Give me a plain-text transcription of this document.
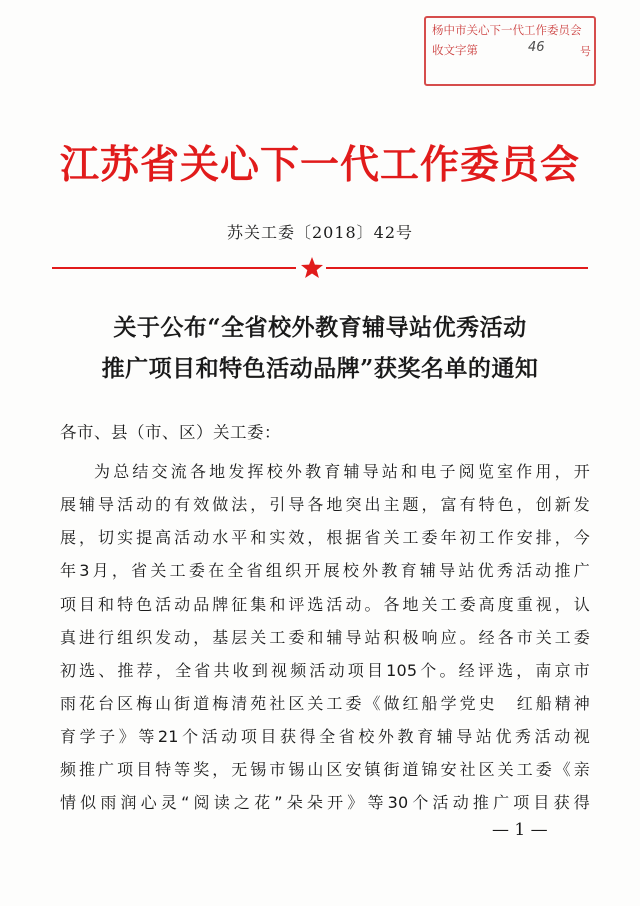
杨中市关心下一代工作委员会
收文字第	46	号
江苏省关心下一代工作委员会
苏关工委〔2018〕42号
关于公布“全省校外教育辅导站优秀活动
推广项目和特色活动品牌”获奖名单的通知
各市、县（市、区）关工委：
为总结交流各地发挥校外教育辅导站和电子阅览室作用，开
展辅导活动的有效做法，引导各地突出主题，富有特色，创新发
展，切实提高活动水平和实效，根据省关工委年初工作安排，今
年3月，省关工委在全省组织开展校外教育辅导站优秀活动推广
项目和特色活动品牌征集和评选活动。各地关工委高度重视，认
真进行组织发动，基层关工委和辅导站积极响应。经各市关工委
初选、推荐，全省共收到视频活动项目105个。经评选，南京市
雨花台区梅山街道梅清苑社区关工委《做红船学党史　红船精神
育学子》等21个活动项目获得全省校外教育辅导站优秀活动视
频推广项目特等奖，无锡市锡山区安镇街道锦安社区关工委《亲
情似雨润心灵“阅读之花”朵朵开》等30个活动推广项目获得
— 1 —
